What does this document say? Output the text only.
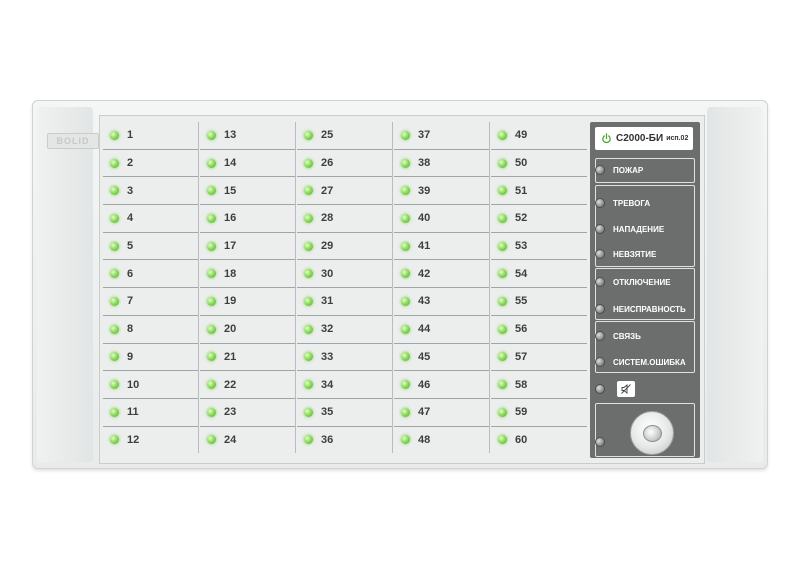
BOLID	1
2
3
4
5
6
7
8
9
10
11
12
13
14
15
16
17
18
19
20
21
22
23
24
25
26
27
28
29
30
31
32
33
34
35
36
37
38
39
40
41
42
43
44
45
46
47
48
49
50
51
52
53
54
55
56
57
58
59
60
С2000-БИ исп.02
ПОЖАР
ТРЕВОГА
НАПАДЕНИЕ
НЕВЗЯТИЕ
ОТКЛЮЧЕНИЕ
НЕИСПРАВНОСТЬ
СВЯЗЬ
СИСТЕМ.ОШИБКА
